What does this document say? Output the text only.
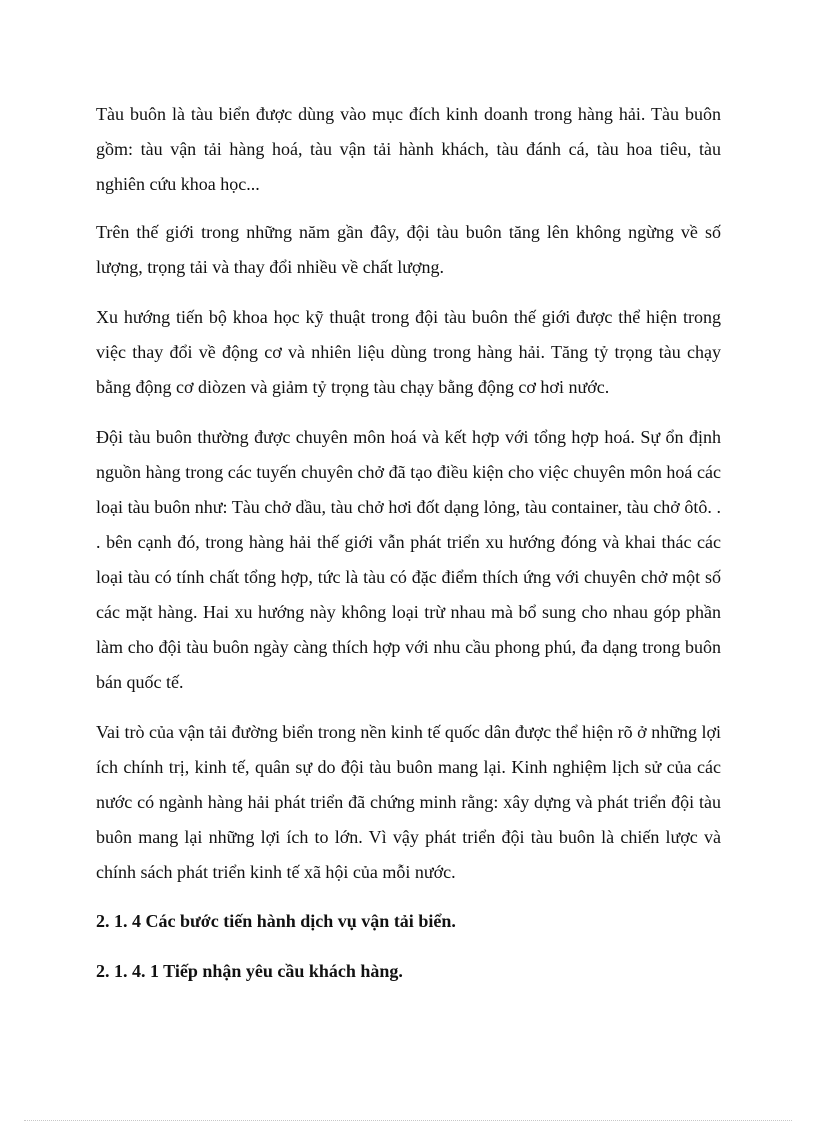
Tàu buôn là tàu biển được dùng vào mục đích kinh doanh trong hàng hải. Tàu buôn gồm: tàu vận tải hàng hoá, tàu vận tải hành khách, tàu đánh cá, tàu hoa tiêu, tàu nghiên cứu khoa học...

Trên thế giới trong những năm gần đây, đội tàu buôn tăng lên không ngừng về số lượng, trọng tải và thay đổi nhiều về chất lượng.

Xu hướng tiến bộ khoa học kỹ thuật trong đội tàu buôn thế giới được thể hiện trong việc thay đổi về động cơ và nhiên liệu dùng trong hàng hải. Tăng tỷ trọng tàu chạy bằng động cơ diòzen và giảm tỷ trọng tàu chạy bằng động cơ hơi nước.

Đội tàu buôn thường được chuyên môn hoá và kết hợp với tổng hợp hoá. Sự ổn định nguồn hàng trong các tuyến chuyên chở đã tạo điều kiện cho việc chuyên môn hoá các loại tàu buôn như: Tàu chở dầu, tàu chở hơi đốt dạng lỏng, tàu container, tàu chở ôtô. . . bên cạnh đó, trong hàng hải thế giới vẫn phát triển xu hướng đóng và khai thác các loại tàu có tính chất tổng hợp, tức là tàu có đặc điểm thích ứng với chuyên chở một số các mặt hàng. Hai xu hướng này không loại trừ nhau mà bổ sung cho nhau góp phần làm cho đội tàu buôn ngày càng thích hợp với nhu cầu phong phú, đa dạng trong buôn bán quốc tế.

Vai trò của vận tải đường biển trong nền kinh tế quốc dân được thể hiện rõ ở những lợi ích chính trị, kinh tế, quân sự do đội tàu buôn mang lại. Kinh nghiệm lịch sử của các nước có ngành hàng hải phát triển đã chứng minh rằng: xây dựng và phát triển đội tàu buôn mang lại những lợi ích to lớn. Vì vậy phát triển đội tàu buôn là chiến lược và chính sách phát triển kinh tế xã hội của mỗi nước.

2. 1. 4 Các bước tiến hành dịch vụ vận tải biển.
2. 1. 4. 1 Tiếp nhận yêu cầu khách hàng.
